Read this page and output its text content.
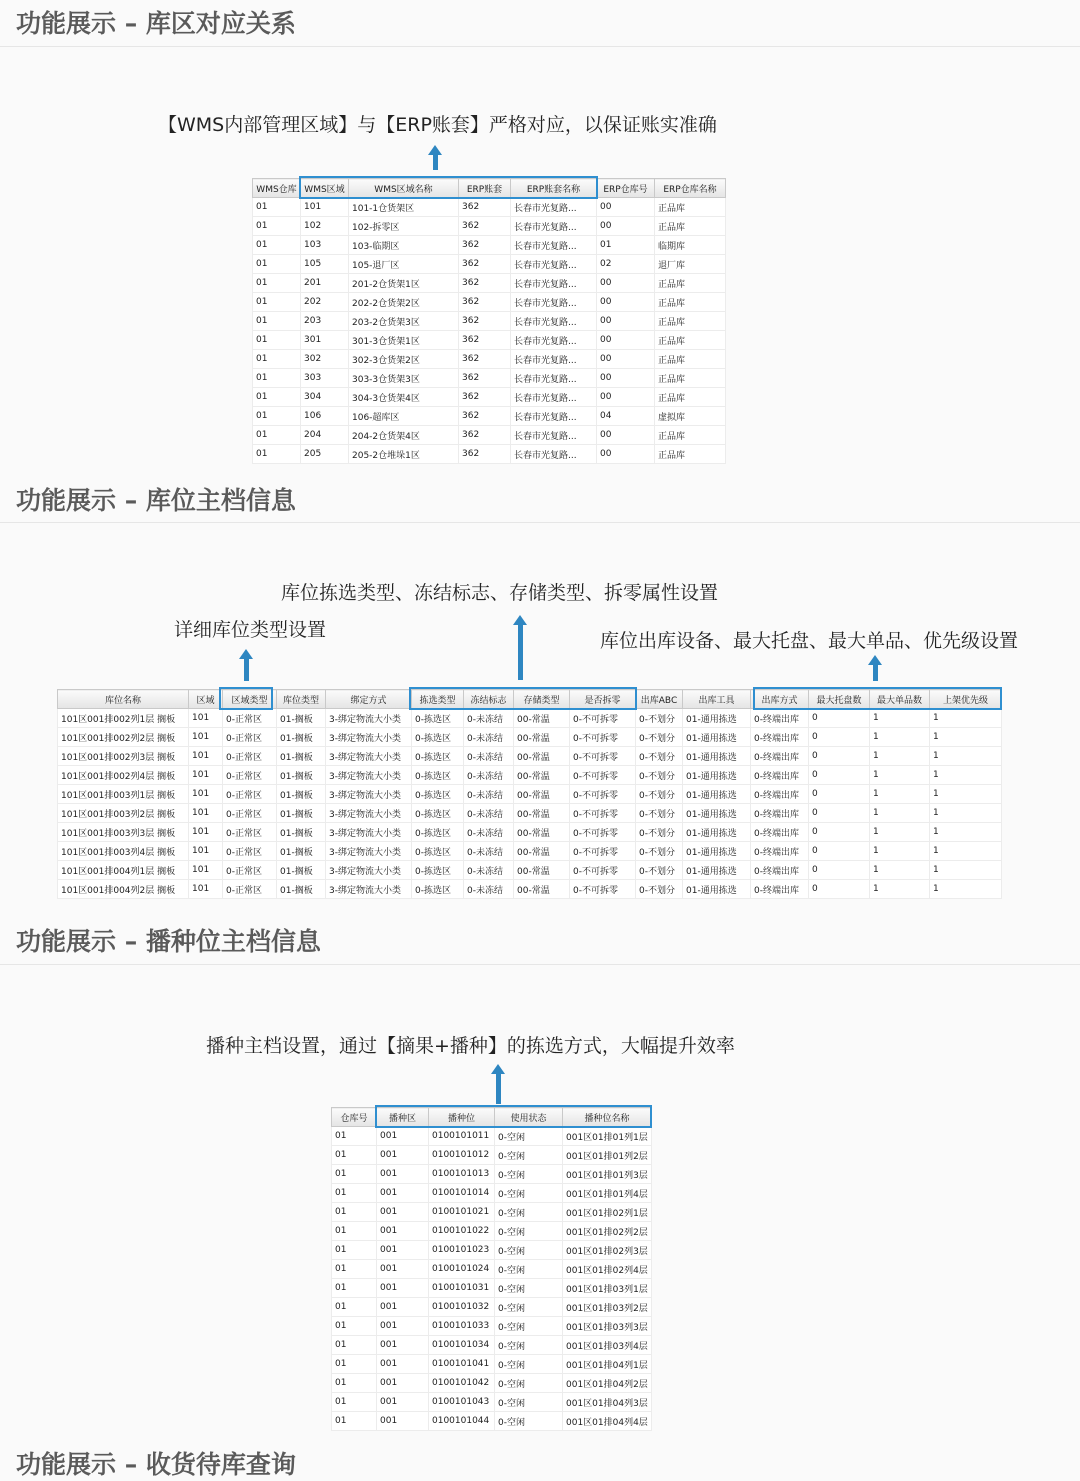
功能展示 – 库区对应关系
【WMS内部管理区域】与【ERP账套】严格对应，以保证账实准确
WMS仓库	WMS区域	WMS区域名称	ERP账套	ERP账套名称	ERP仓库号	ERP仓库名称
01	101	101-1仓货架区	362	长春市光复路...	00	正品库
01	102	102-拆零区	362	长春市光复路...	00	正品库
01	103	103-临期区	362	长春市光复路...	01	临期库
01	105	105-退厂区	362	长春市光复路...	02	退厂库
01	201	201-2仓货架1区	362	长春市光复路...	00	正品库
01	202	202-2仓货架2区	362	长春市光复路...	00	正品库
01	203	203-2仓货架3区	362	长春市光复路...	00	正品库
01	301	301-3仓货架1区	362	长春市光复路...	00	正品库
01	302	302-3仓货架2区	362	长春市光复路...	00	正品库
01	303	303-3仓货架3区	362	长春市光复路...	00	正品库
01	304	304-3仓货架4区	362	长春市光复路...	00	正品库
01	106	106-超库区	362	长春市光复路...	04	虚拟库
01	204	204-2仓货架4区	362	长春市光复路...	00	正品库
01	205	205-2仓堆垛1区	362	长春市光复路...	00	正品库
功能展示 – 库位主档信息
库位拣选类型、冻结标志、存储类型、拆零属性设置
详细库位类型设置	库位出库设备、最大托盘、最大单品、优先级设置
库位名称	区域	区域类型	库位类型	绑定方式	拣选类型	冻结标志	存储类型	是否拆零	出库ABC	出库工具	出库方式	最大托盘数	最大单品数	上架优先级
101区001排002列1层 搁板	101	0-正常区	01-搁板	3-绑定物流大小类	0-拣选区	0-未冻结	00-常温	0-不可拆零	0-不划分	01-通用拣选	0-终端出库	0	1	1
101区001排002列2层 搁板	101	0-正常区	01-搁板	3-绑定物流大小类	0-拣选区	0-未冻结	00-常温	0-不可拆零	0-不划分	01-通用拣选	0-终端出库	0	1	1
101区001排002列3层 搁板	101	0-正常区	01-搁板	3-绑定物流大小类	0-拣选区	0-未冻结	00-常温	0-不可拆零	0-不划分	01-通用拣选	0-终端出库	0	1	1
101区001排002列4层 搁板	101	0-正常区	01-搁板	3-绑定物流大小类	0-拣选区	0-未冻结	00-常温	0-不可拆零	0-不划分	01-通用拣选	0-终端出库	0	1	1
101区001排003列1层 搁板	101	0-正常区	01-搁板	3-绑定物流大小类	0-拣选区	0-未冻结	00-常温	0-不可拆零	0-不划分	01-通用拣选	0-终端出库	0	1	1
101区001排003列2层 搁板	101	0-正常区	01-搁板	3-绑定物流大小类	0-拣选区	0-未冻结	00-常温	0-不可拆零	0-不划分	01-通用拣选	0-终端出库	0	1	1
101区001排003列3层 搁板	101	0-正常区	01-搁板	3-绑定物流大小类	0-拣选区	0-未冻结	00-常温	0-不可拆零	0-不划分	01-通用拣选	0-终端出库	0	1	1
101区001排003列4层 搁板	101	0-正常区	01-搁板	3-绑定物流大小类	0-拣选区	0-未冻结	00-常温	0-不可拆零	0-不划分	01-通用拣选	0-终端出库	0	1	1
101区001排004列1层 搁板	101	0-正常区	01-搁板	3-绑定物流大小类	0-拣选区	0-未冻结	00-常温	0-不可拆零	0-不划分	01-通用拣选	0-终端出库	0	1	1
101区001排004列2层 搁板	101	0-正常区	01-搁板	3-绑定物流大小类	0-拣选区	0-未冻结	00-常温	0-不可拆零	0-不划分	01-通用拣选	0-终端出库	0	1	1
功能展示 – 播种位主档信息
播种主档设置，通过【摘果+播种】的拣选方式，大幅提升效率
仓库号	播种区	播种位	使用状态	播种位名称
01	001	0100101011	0-空闲	001区01排01列1层
01	001	0100101012	0-空闲	001区01排01列2层
01	001	0100101013	0-空闲	001区01排01列3层
01	001	0100101014	0-空闲	001区01排01列4层
01	001	0100101021	0-空闲	001区01排02列1层
01	001	0100101022	0-空闲	001区01排02列2层
01	001	0100101023	0-空闲	001区01排02列3层
01	001	0100101024	0-空闲	001区01排02列4层
01	001	0100101031	0-空闲	001区01排03列1层
01	001	0100101032	0-空闲	001区01排03列2层
01	001	0100101033	0-空闲	001区01排03列3层
01	001	0100101034	0-空闲	001区01排03列4层
01	001	0100101041	0-空闲	001区01排04列1层
01	001	0100101042	0-空闲	001区01排04列2层
01	001	0100101043	0-空闲	001区01排04列3层
01	001	0100101044	0-空闲	001区01排04列4层
功能展示 – 收货待库查询
